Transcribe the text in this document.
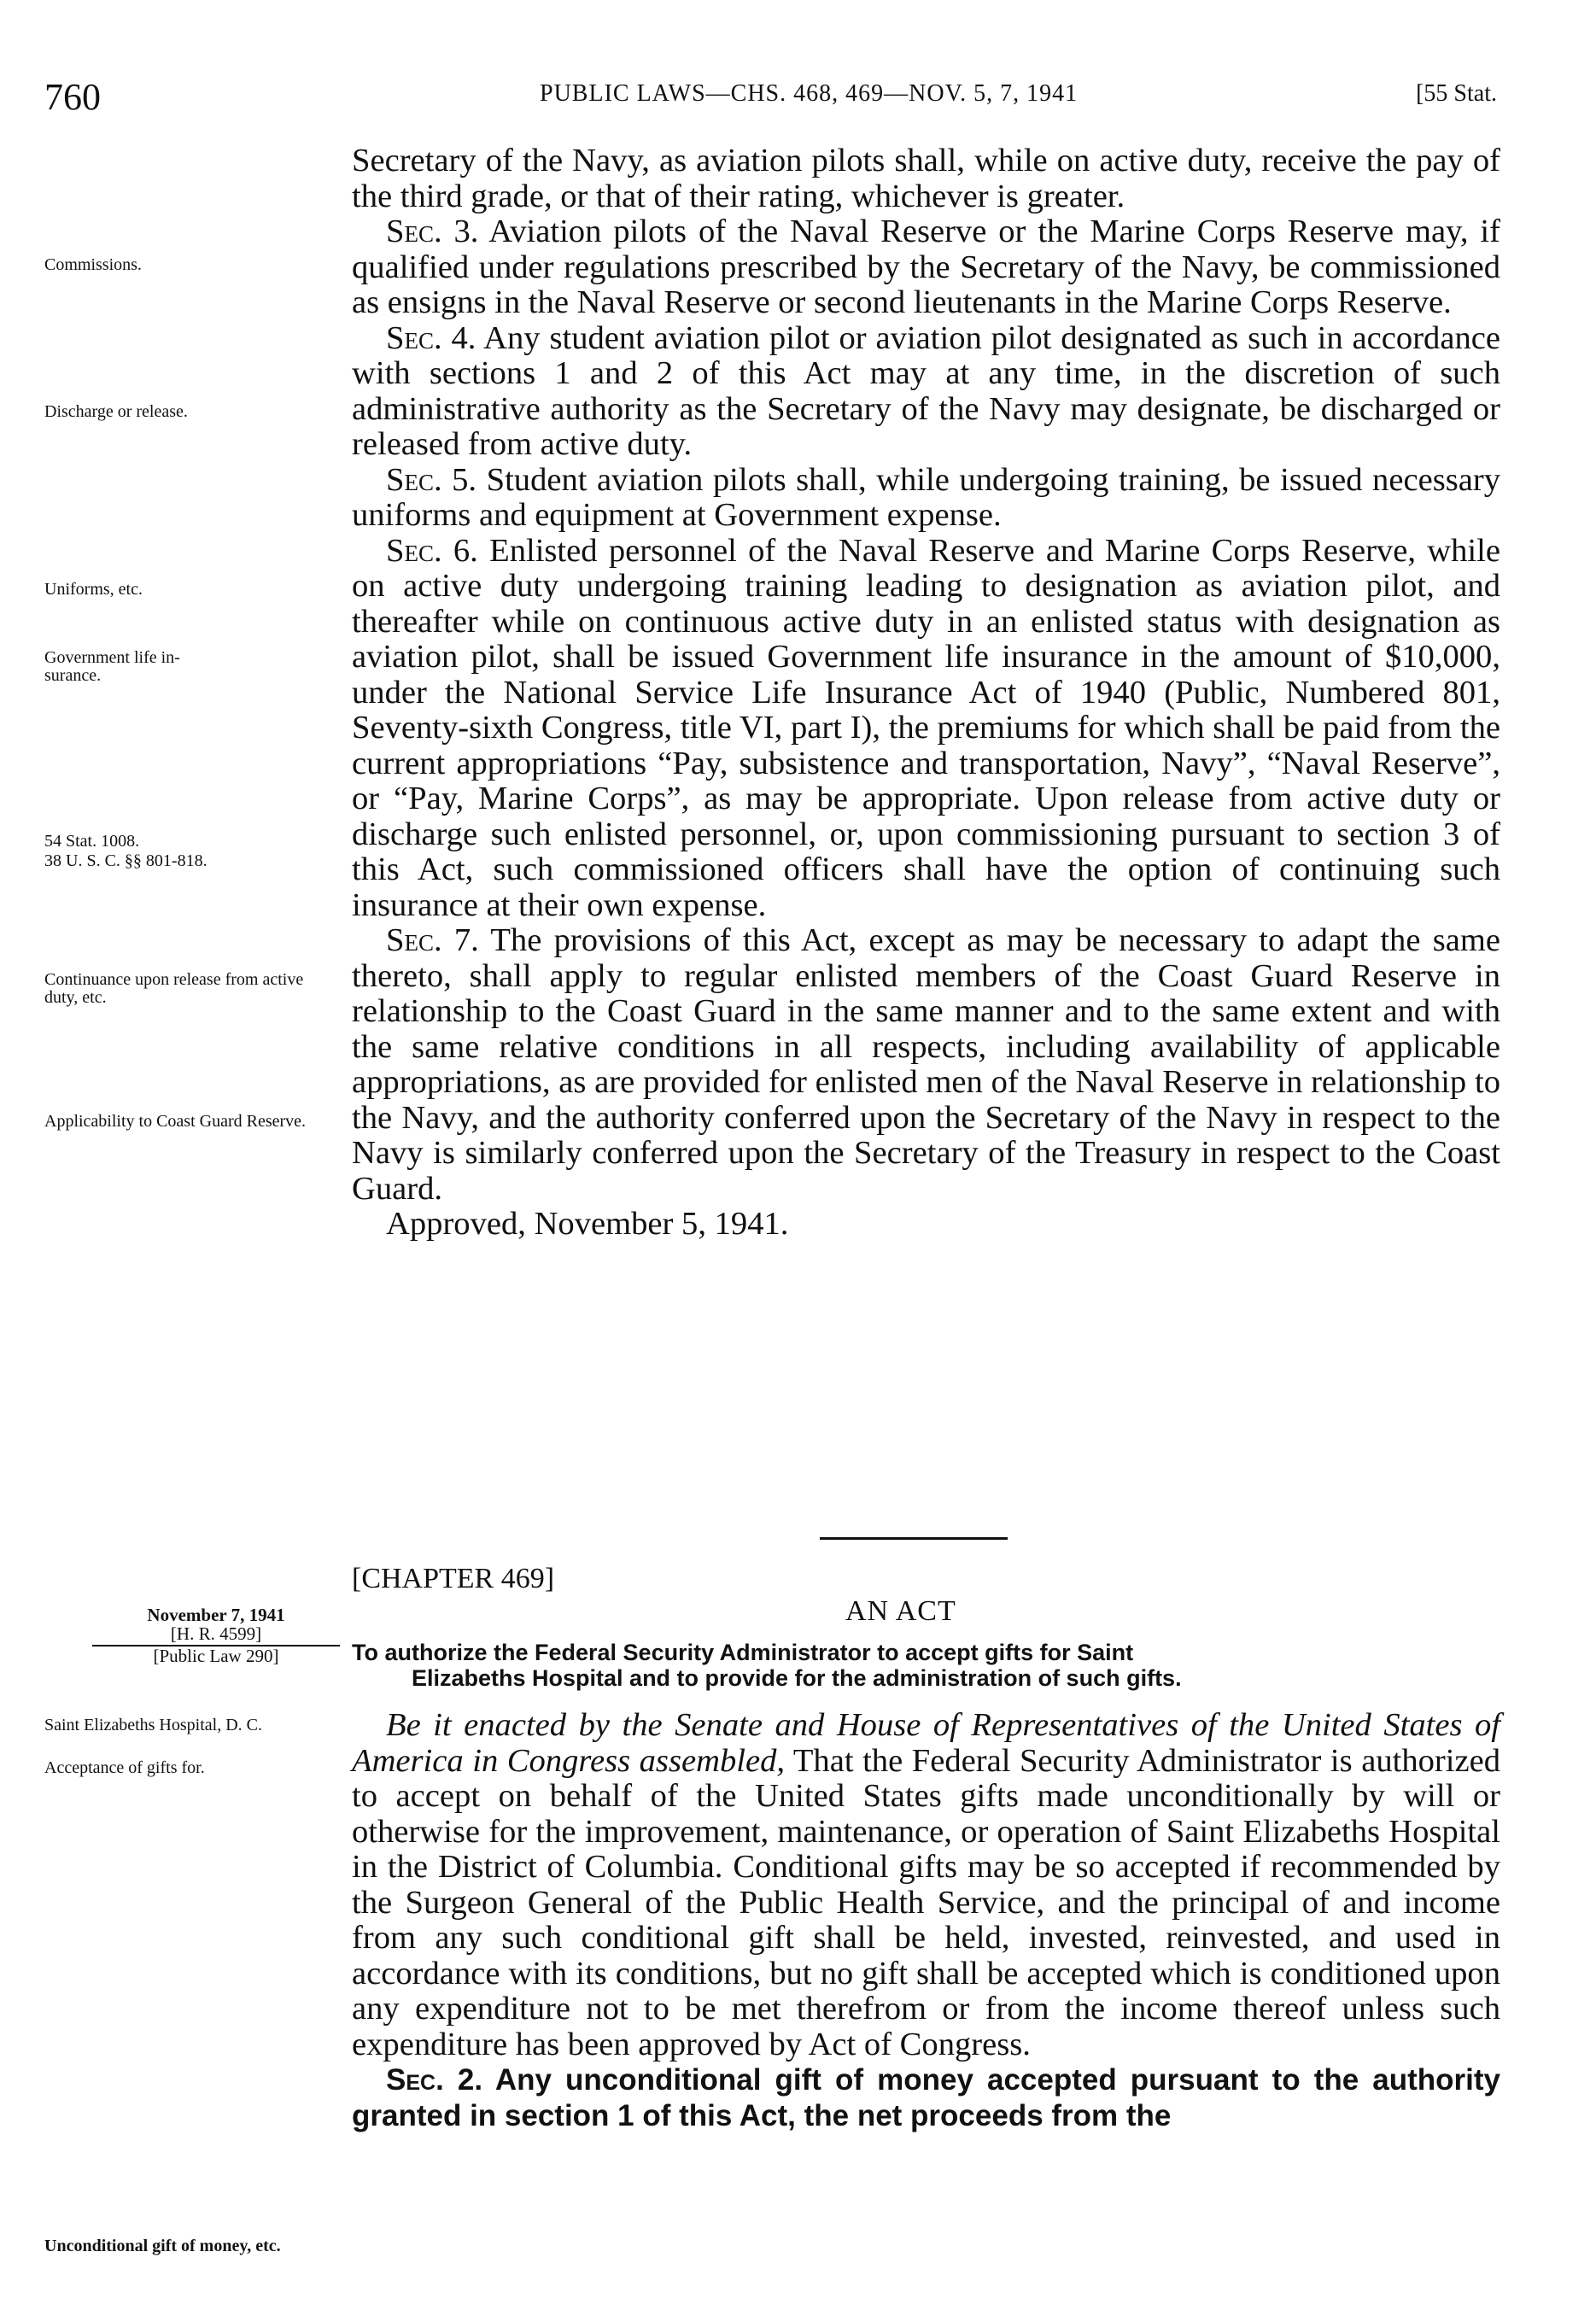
760	PUBLIC LAWS—CHS. 468, 469—NOV. 5, 7, 1941	[55 Stat.
Commissions.
Discharge or release.
Uniforms, etc.
Government life in-surance.
54 Stat. 1008.
38 U. S. C. §§ 801-818.
Continuance upon release from active duty, etc.
Applicability to Coast Guard Reserve.
Saint Elizabeths Hospital, D. C.
Acceptance of gifts for.
Unconditional gift of money, etc.

Secretary of the Navy, as aviation pilots shall, while on active duty, receive the pay of the third grade, or that of their rating, whichever is greater.

Sec. 3. Aviation pilots of the Naval Reserve or the Marine Corps Reserve may, if qualified under regulations prescribed by the Secretary of the Navy, be commissioned as ensigns in the Naval Reserve or second lieutenants in the Marine Corps Reserve.

Sec. 4. Any student aviation pilot or aviation pilot designated as such in accordance with sections 1 and 2 of this Act may at any time, in the discretion of such administrative authority as the Secretary of the Navy may designate, be discharged or released from active duty.

Sec. 5. Student aviation pilots shall, while undergoing training, be issued necessary uniforms and equipment at Government expense.

Sec. 6. Enlisted personnel of the Naval Reserve and Marine Corps Reserve, while on active duty undergoing training leading to designation as aviation pilot, and thereafter while on continuous active duty in an enlisted status with designation as aviation pilot, shall be issued Government life insurance in the amount of $10,000, under the National Service Life Insurance Act of 1940 (Public, Numbered 801, Seventy-sixth Congress, title VI, part I), the premiums for which shall be paid from the current appropriations “Pay, subsistence and transportation, Navy”, “Naval Reserve”, or “Pay, Marine Corps”, as may be appropriate. Upon release from active duty or discharge such enlisted personnel, or, upon commissioning pursuant to section 3 of this Act, such commissioned officers shall have the option of continuing such insurance at their own expense.

Sec. 7. The provisions of this Act, except as may be necessary to adapt the same thereto, shall apply to regular enlisted members of the Coast Guard Reserve in relationship to the Coast Guard in the same manner and to the same extent and with the same relative conditions in all respects, including availability of applicable appropriations, as are provided for enlisted men of the Naval Reserve in relationship to the Navy, and the authority conferred upon the Secretary of the Navy in respect to the Navy is similarly conferred upon the Secretary of the Treasury in respect to the Coast Guard.

Approved, November 5, 1941.

[CHAPTER 469]
AN ACT
November 7, 1941
[H. R. 4599]
[Public Law 290]	To authorize the Federal Security Administrator to accept gifts for Saint
Elizabeths Hospital and to provide for the administration of such gifts.

Be it enacted by the Senate and House of Representatives of the United States of America in Congress assembled, That the Federal Security Administrator is authorized to accept on behalf of the United States gifts made unconditionally by will or otherwise for the improvement, maintenance, or operation of Saint Elizabeths Hospital in the District of Columbia. Conditional gifts may be so accepted if recommended by the Surgeon General of the Public Health Service, and the principal of and income from any such conditional gift shall be held, invested, reinvested, and used in accordance with its conditions, but no gift shall be accepted which is conditioned upon any expenditure not to be met therefrom or from the income thereof unless such expenditure has been approved by Act of Congress.

Sec. 2. Any unconditional gift of money accepted pursuant to the authority granted in section 1 of this Act, the net proceeds from the
